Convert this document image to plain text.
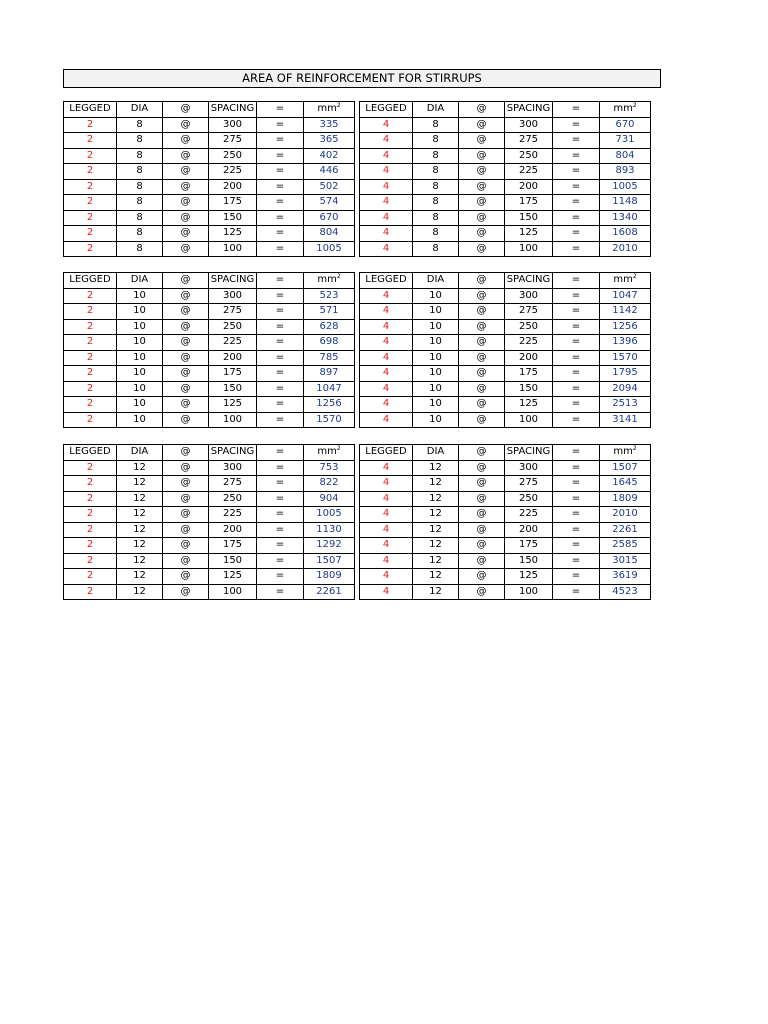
AREA OF REINFORCEMENT FOR STIRRUPS
LEGGED	DIA	@	SPACING	=	$mm^2$		LEGGED	DIA	@	SPACING	=	$mm^2$
2	8	@	300	=	335		4	8	@	300	=	670
2	8	@	275	=	365		4	8	@	275	=	731
2	8	@	250	=	402		4	8	@	250	=	804
2	8	@	225	=	446		4	8	@	225	=	893
2	8	@	200	=	502		4	8	@	200	=	1005
2	8	@	175	=	574		4	8	@	175	=	1148
2	8	@	150	=	670		4	8	@	150	=	1340
2	8	@	125	=	804		4	8	@	125	=	1608
2	8	@	100	=	1005		4	8	@	100	=	2010
LEGGED	DIA	@	SPACING	=	$mm^2$		LEGGED	DIA	@	SPACING	=	$mm^2$
2	10	@	300	=	523		4	10	@	300	=	1047
2	10	@	275	=	571		4	10	@	275	=	1142
2	10	@	250	=	628		4	10	@	250	=	1256
2	10	@	225	=	698		4	10	@	225	=	1396
2	10	@	200	=	785		4	10	@	200	=	1570
2	10	@	175	=	897		4	10	@	175	=	1795
2	10	@	150	=	1047		4	10	@	150	=	2094
2	10	@	125	=	1256		4	10	@	125	=	2513
2	10	@	100	=	1570		4	10	@	100	=	3141
LEGGED	DIA	@	SPACING	=	$mm^2$		LEGGED	DIA	@	SPACING	=	$mm^2$
2	12	@	300	=	753		4	12	@	300	=	1507
2	12	@	275	=	822		4	12	@	275	=	1645
2	12	@	250	=	904		4	12	@	250	=	1809
2	12	@	225	=	1005		4	12	@	225	=	2010
2	12	@	200	=	1130		4	12	@	200	=	2261
2	12	@	175	=	1292		4	12	@	175	=	2585
2	12	@	150	=	1507		4	12	@	150	=	3015
2	12	@	125	=	1809		4	12	@	125	=	3619
2	12	@	100	=	2261		4	12	@	100	=	4523
